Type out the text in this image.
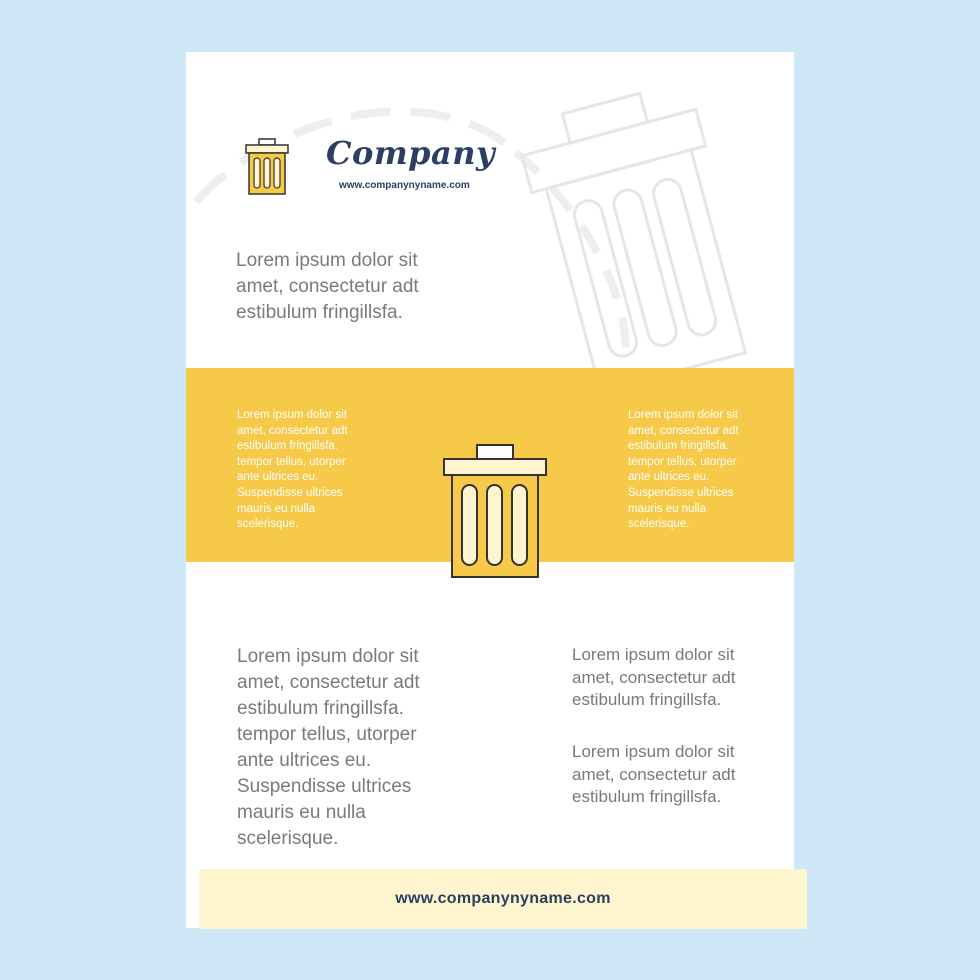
Company
www.companynyname.com
Lorem ipsum dolor sit
amet, consectetur adt
estibulum fringillsfa.
Lorem ipsum dolor sit
amet, consectetur adt
estibulum fringillsfa.
tempor tellus, utorper
ante ultrices eu.
Suspendisse ultrices
mauris eu nulla
scelerisque.
Lorem ipsum dolor sit
amet, consectetur adt
estibulum fringillsfa.
tempor tellus, utorper
ante ultrices eu.
Suspendisse ultrices
mauris eu nulla
scelerisque.
Lorem ipsum dolor sit
amet, consectetur adt
estibulum fringillsfa.
tempor tellus, utorper
ante ultrices eu.
Suspendisse ultrices
mauris eu nulla
scelerisque.
Lorem ipsum dolor sit
amet, consectetur adt
estibulum fringillsfa.
Lorem ipsum dolor sit
amet, consectetur adt
estibulum fringillsfa.
www.companynyname.com
